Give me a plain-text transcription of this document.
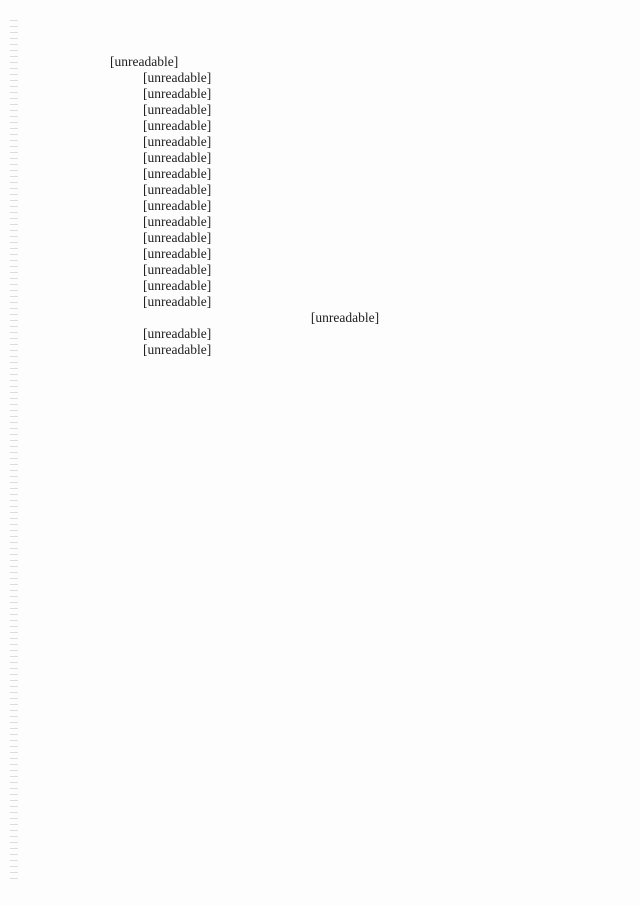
[unreadable]

[unreadable]

[unreadable]

[unreadable]

[unreadable]

[unreadable]

[unreadable]

[unreadable]

[unreadable]

[unreadable]

[unreadable]

[unreadable]

[unreadable]

[unreadable]

[unreadable]

[unreadable]

[unreadable]

[unreadable]

[unreadable]
